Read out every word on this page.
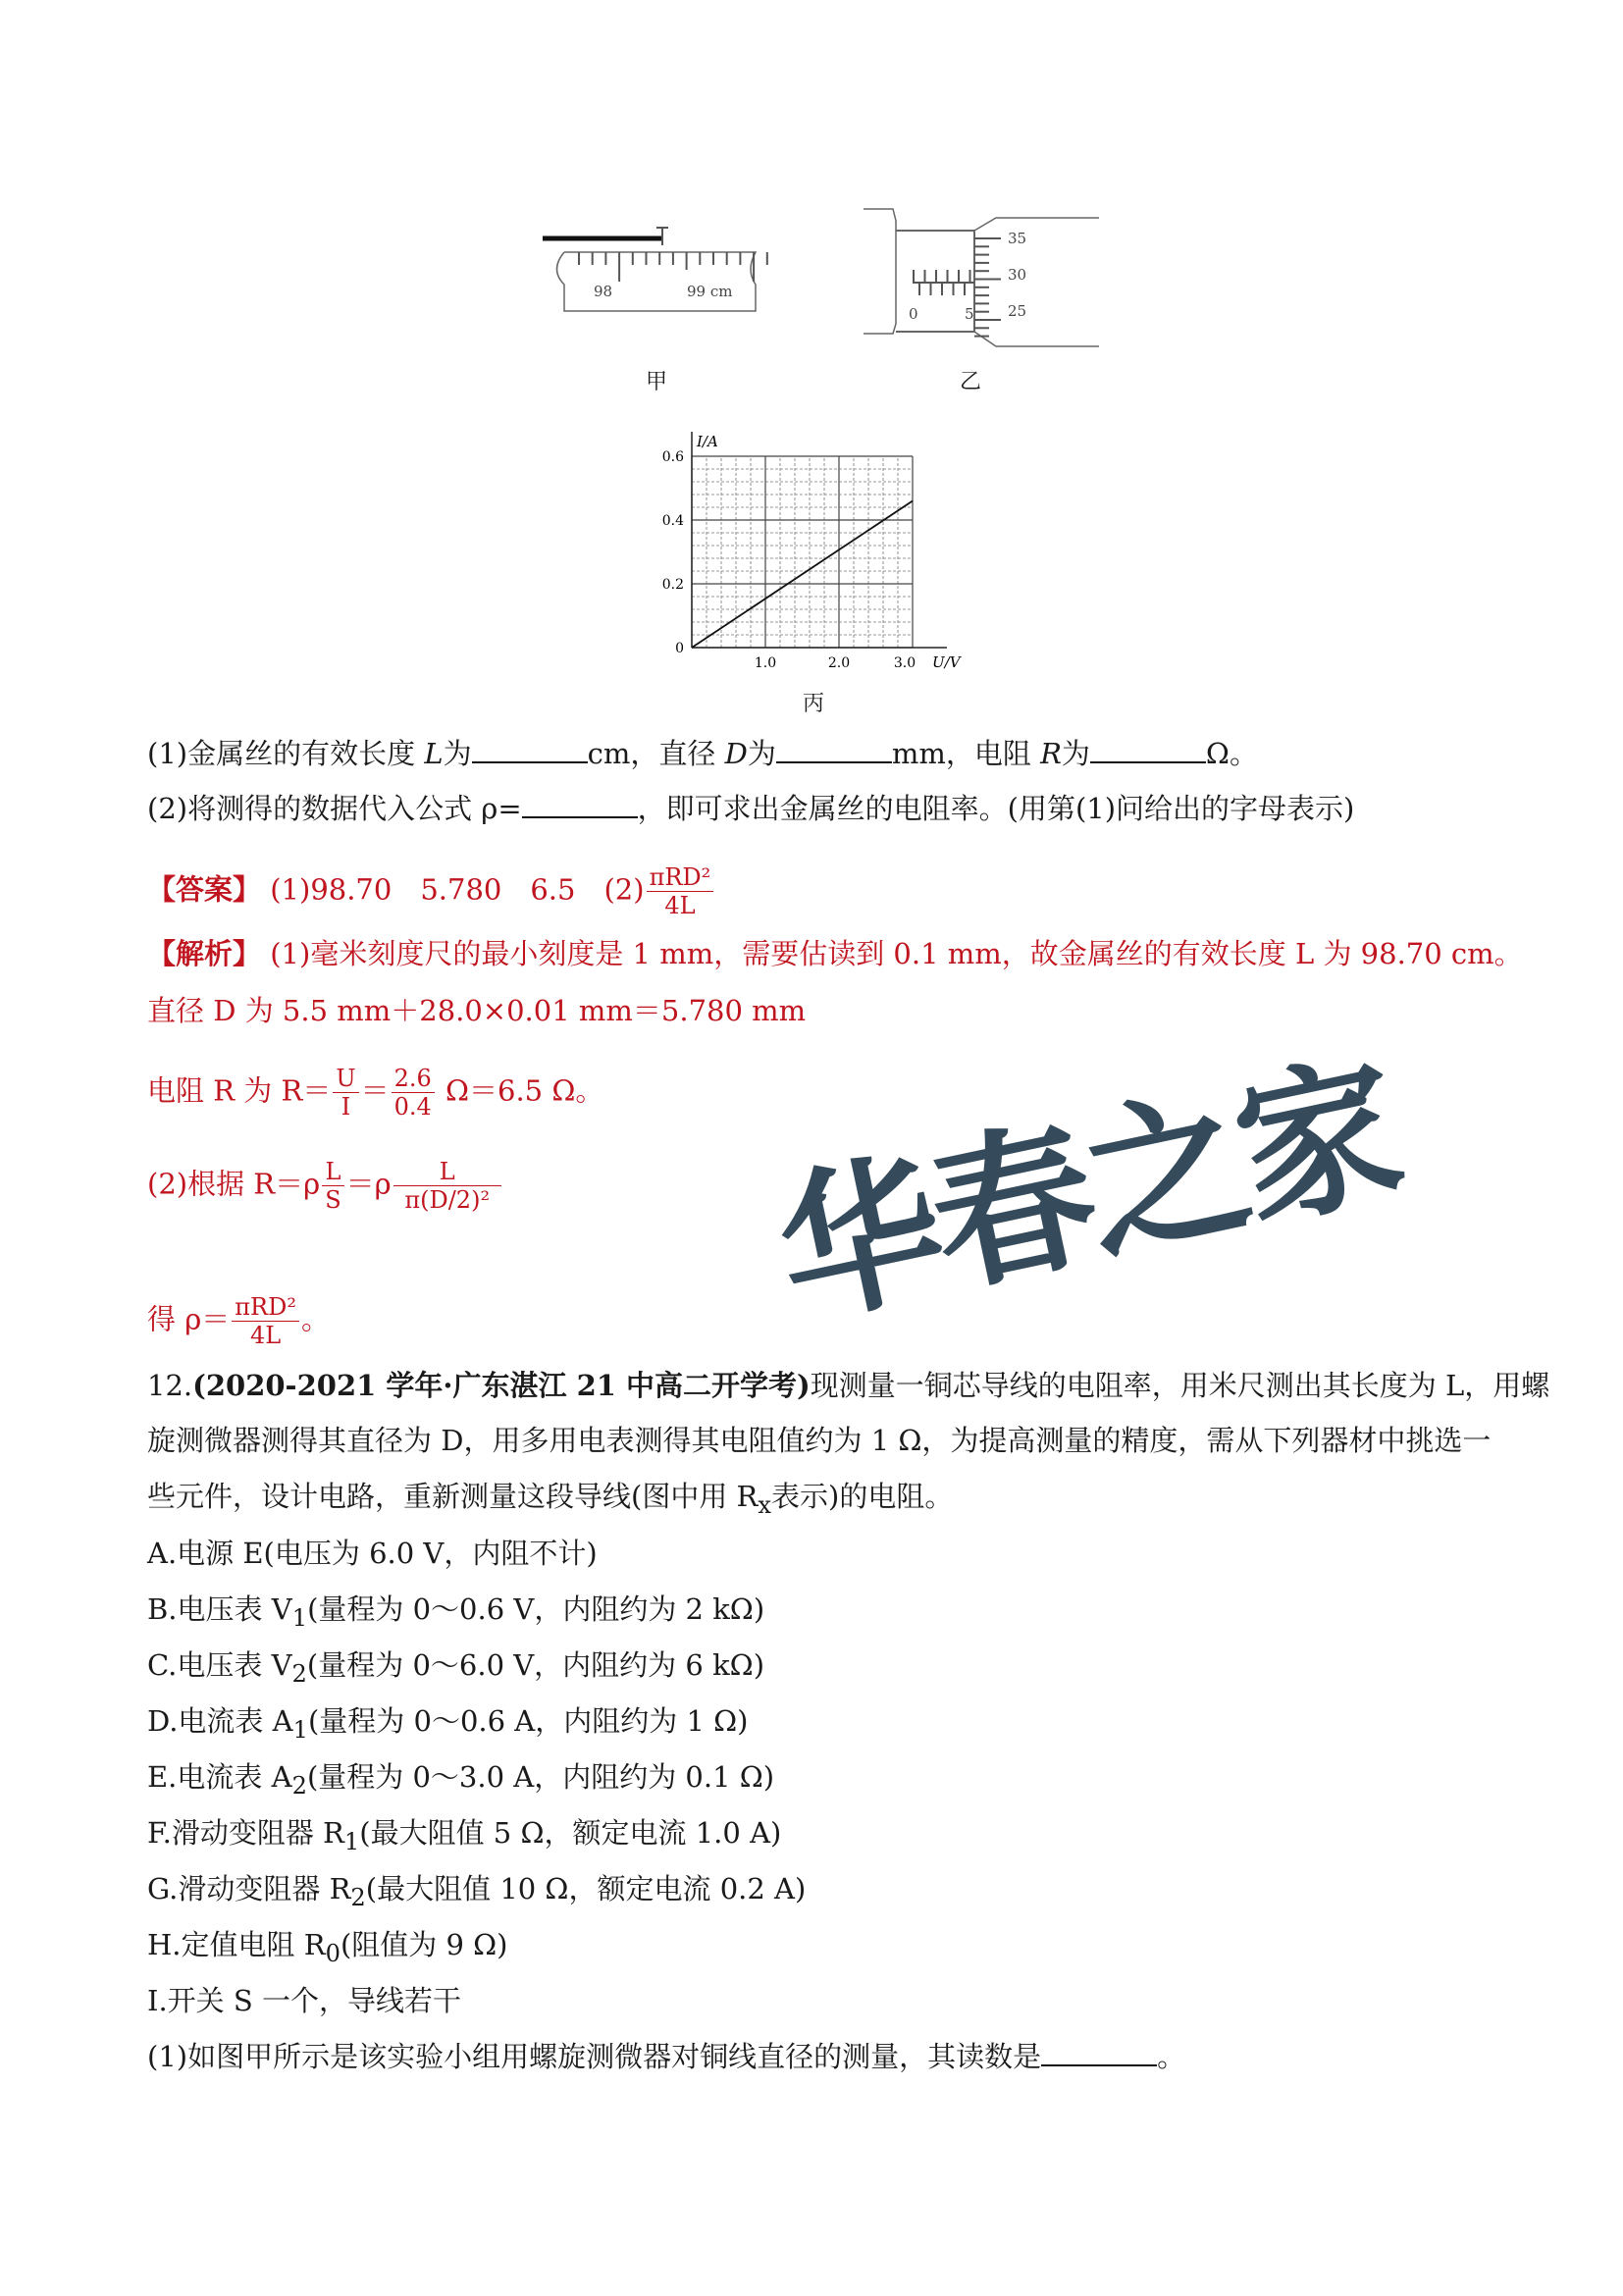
98	99 cm
甲
0	5
35
30
25
乙
I/A
U/V
0
0.2
0.4
0.6
1.0	2.0	3.0
丙
(1)金属丝的有效长度 L为	cm，直径 D为	mm，电阻 R为	Ω。
(2)将测得的数据代入公式 ρ=	，即可求出金属丝的电阻率。(用第(1)问给出的字母表示)
【答案】 (1)98.70　5.780　6.5　$(2) \frac{\text{πRD²}}{4L}$
【解析】 (1)毫米刻度尺的最小刻度是 1 mm，需要估读到 0.1 mm，故金属丝的有效长度 L 为 98.70 cm。
直径 D 为 5.5 mm＋28.0×0.01 mm＝5.780 mm
电阻 R 为 $R= \frac{U}{I} = \frac{2.6}{0.4} \Omega=6.5$ Ω。
(2)根据 $R=\rho \frac{L}{S} =\rho \frac{L}{\text{π(D/2)²}}$
得 $\rho= \frac{\text{πRD²}}{4L}$ 。
12.(2020-2021 学年·广东湛江 21 中高二开学考)现测量一铜芯导线的电阻率，用米尺测出其长度为 L，用螺
旋测微器测得其直径为 D，用多用电表测得其电阻值约为 1 Ω，为提高测量的精度，需从下列器材中挑选一
些元件，设计电路，重新测量这段导线(图中用 $R_x$表示)的电阻。
A.电源 E(电压为 6.0 V，内阻不计)
B.电压表 $V_1$(量程为 0～0.6 V，内阻约为 2 kΩ)
C.电压表 $V_2$(量程为 0～6.0 V，内阻约为 6 kΩ)
D.电流表 $A_1$(量程为 0～0.6 A，内阻约为 1 Ω)
E.电流表 $A_2$(量程为 0～3.0 A，内阻约为 0.1 Ω)
F.滑动变阻器 $R_1$(最大阻值 5 Ω，额定电流 1.0 A)
G.滑动变阻器 $R_2$(最大阻值 10 Ω，额定电流 0.2 A)
H.定值电阻 $R_0$(阻值为 9 Ω)
I.开关 S 一个，导线若干
(1)如图甲所示是该实验小组用螺旋测微器对铜线直径的测量，其读数是	。
华春之家
